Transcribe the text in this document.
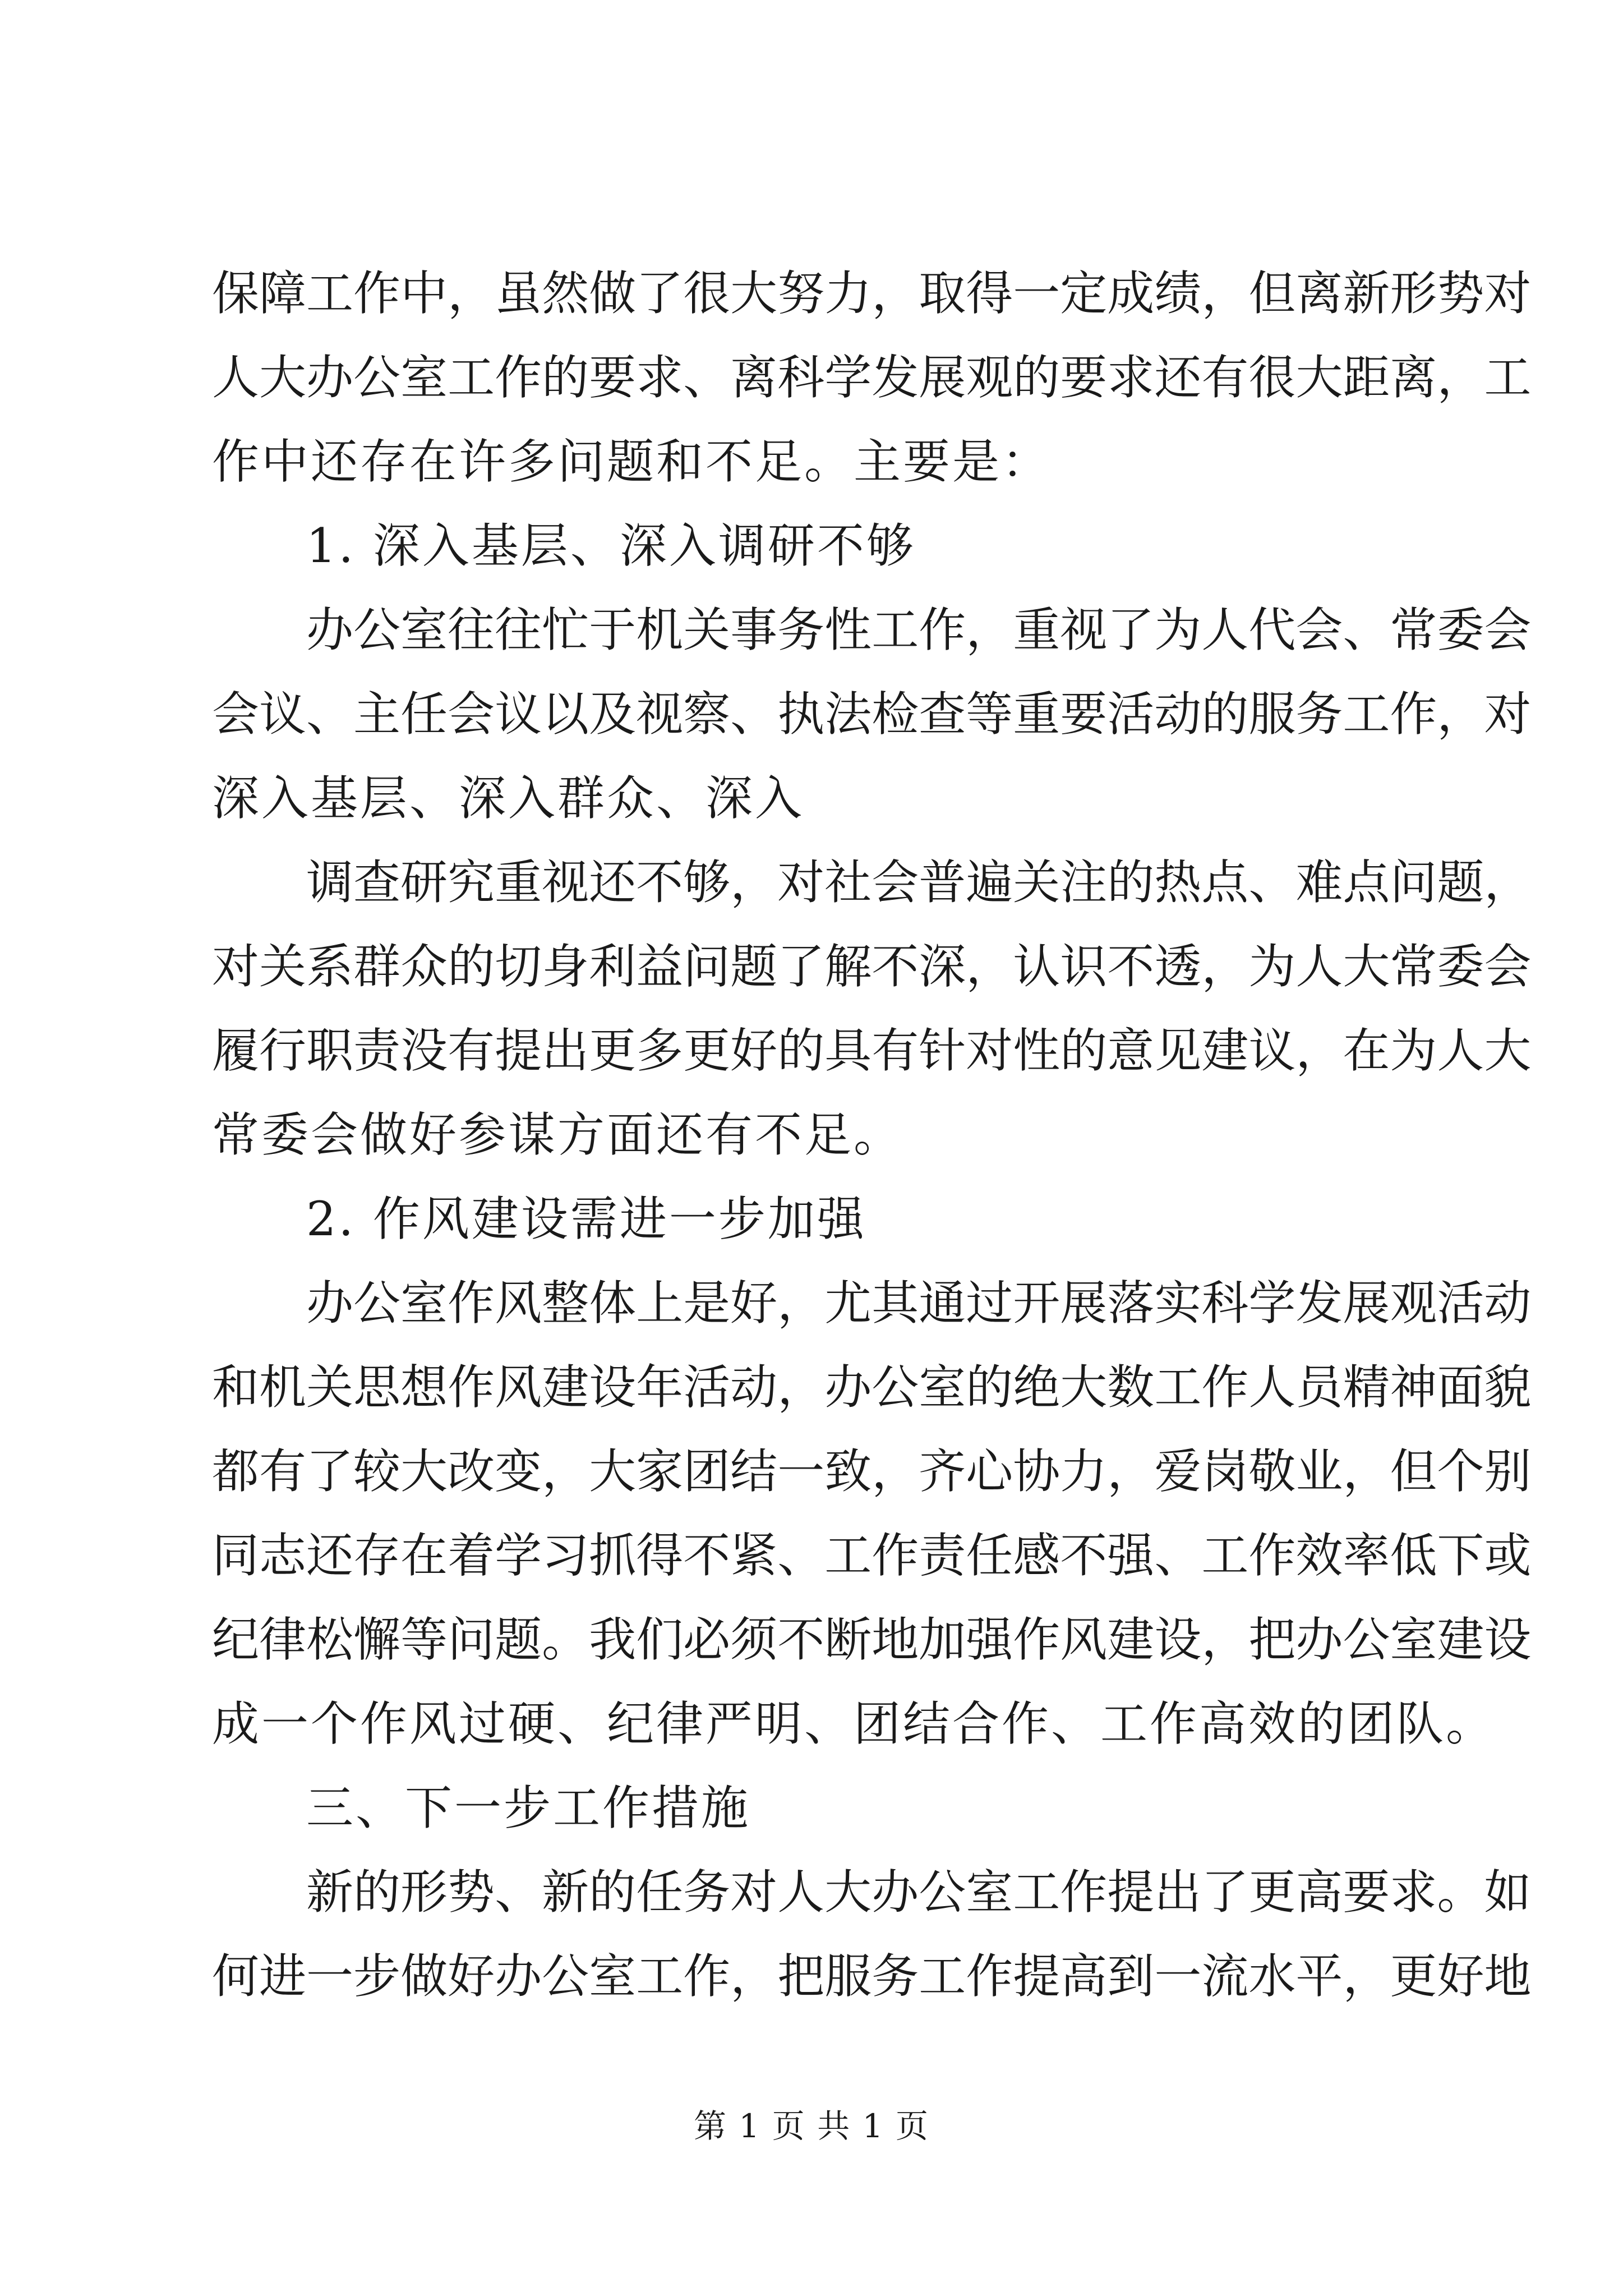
保 障 工 作 中 ， 虽 然 做 了 很 大 努 力 ， 取 得 一 定 成 绩 ， 但 离 新 形 势 对
人 大 办 公 室 工 作 的 要 求 、 离 科 学 发 展 观 的 要 求 还 有 很 大 距 离 ， 工
作中还存在许多问题和不足。主要是：
1. 深入基层、深入调研不够
办 公 室 往 往 忙 于 机 关 事 务 性 工 作 ， 重 视 了 为 人 代 会 、 常 委 会
会 议 、 主 任 会 议 以 及 视 察 、 执 法 检 查 等 重 要 活 动 的 服 务 工 作 ， 对
深入基层、深入群众、深入
调 查 研 究 重 视 还 不 够 ， 对 社 会 普 遍 关 注 的 热 点 、 难 点 问 题 ，
对 关 系 群 众 的 切 身 利 益 问 题 了 解 不 深 ， 认 识 不 透 ， 为 人 大 常 委 会
履 行 职 责 没 有 提 出 更 多 更 好 的 具 有 针 对 性 的 意 见 建 议 ， 在 为 人 大
常委会做好参谋方面还有不足。
2. 作风建设需进一步加强
办 公 室 作 风 整 体 上 是 好 ， 尤 其 通 过 开 展 落 实 科 学 发 展 观 活 动
和 机 关 思 想 作 风 建 设 年 活 动 ， 办 公 室 的 绝 大 数 工 作 人 员 精 神 面 貌
都 有 了 较 大 改 变 ， 大 家 团 结 一 致 ， 齐 心 协 力 ， 爱 岗 敬 业 ， 但 个 别
同 志 还 存 在 着 学 习 抓 得 不 紧 、 工 作 责 任 感 不 强 、 工 作 效 率 低 下 或
纪 律 松 懈 等 问 题 。 我 们 必 须 不 断 地 加 强 作 风 建 设 ， 把 办 公 室 建 设
成一个作风过硬、纪律严明、团结合作、工作高效的团队。
三、下一步工作措施
新 的 形 势 、 新 的 任 务 对 人 大 办 公 室 工 作 提 出 了 更 高 要 求 。 如
何 进 一 步 做 好 办 公 室 工 作 ， 把 服 务 工 作 提 高 到 一 流 水 平 ， 更 好 地
第 1 页 共 1 页
